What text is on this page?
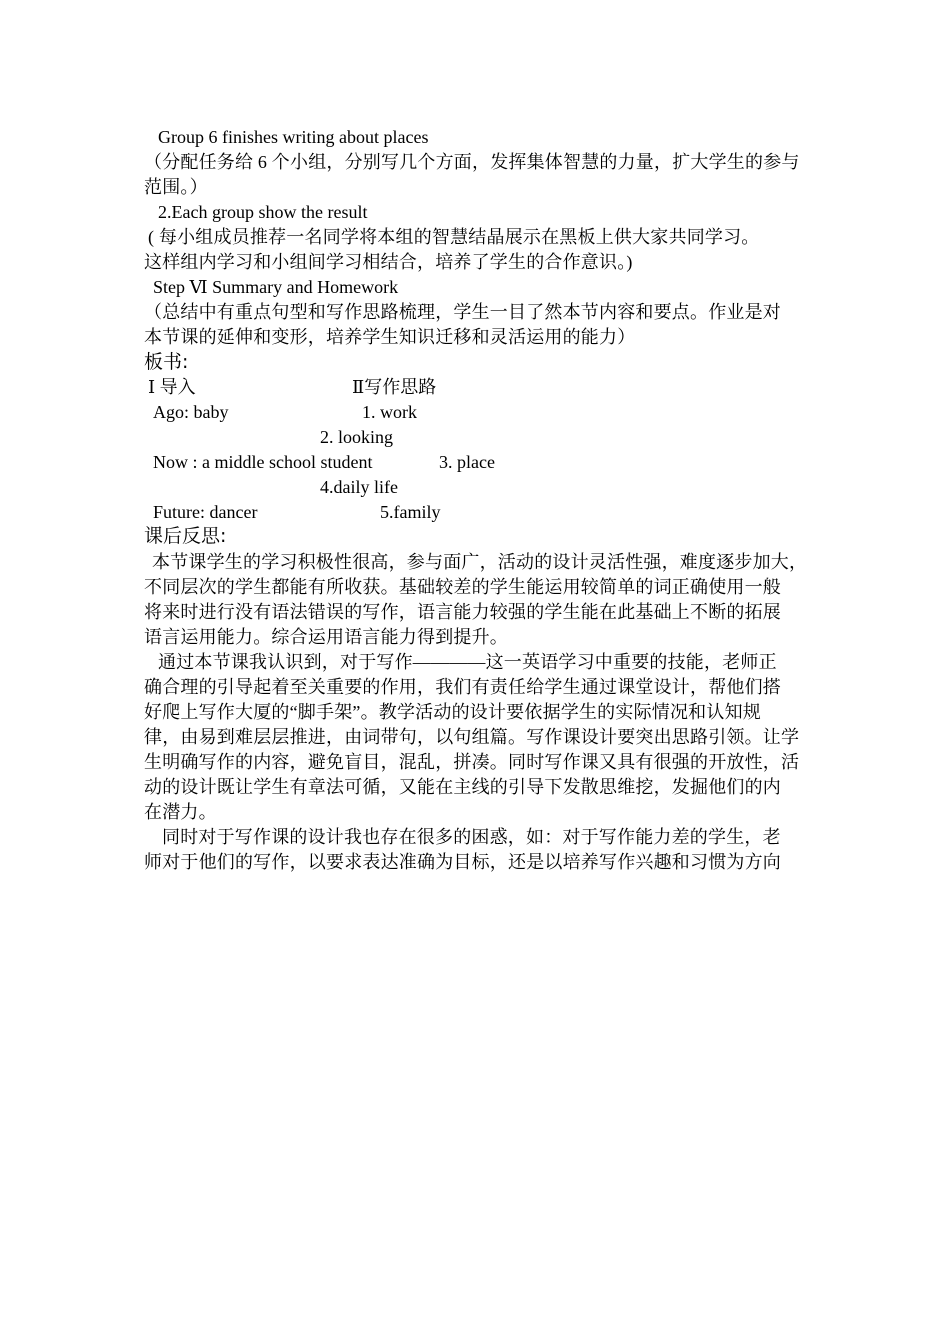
Group 6 finishes writing about places
（分配任务给 6 个小组，分别写几个方面，发挥集体智慧的力量，扩大学生的参与
范围。）
2.Each group show the result
( 每小组成员推荐一名同学将本组的智慧结晶展示在黑板上供大家共同学习。
这样组内学习和小组间学习相结合，培养了学生的合作意识。)
Step Ⅵ Summary and Homework
（总结中有重点句型和写作思路梳理，学生一目了然本节内容和要点。作业是对
本节课的延伸和变形，培养学生知识迁移和灵活运用的能力）
板书:
Ⅰ 导入	Ⅱ写作思路
Ago: baby	1. work
2. looking
Now : a middle school student	3. place
4.daily life
Future: dancer	5.family
课后反思:
本节课学生的学习积极性很高，参与面广，活动的设计灵活性强，难度逐步加大，
不同层次的学生都能有所收获。基础较差的学生能运用较简单的词正确使用一般
将来时进行没有语法错误的写作，语言能力较强的学生能在此基础上不断的拓展
语言运用能力。综合运用语言能力得到提升。
通过本节课我认识到，对于写作————这一英语学习中重要的技能，老师正
确合理的引导起着至关重要的作用，我们有责任给学生通过课堂设计，帮他们搭
好爬上写作大厦的“脚手架”。教学活动的设计要依据学生的实际情况和认知规
律，由易到难层层推进，由词带句，以句组篇。写作课设计要突出思路引领。让学
生明确写作的内容，避免盲目，混乱，拼凑。同时写作课又具有很强的开放性，活
动的设计既让学生有章法可循，又能在主线的引导下发散思维挖，发掘他们的内
在潜力。
同时对于写作课的设计我也存在很多的困惑，如：对于写作能力差的学生，老
师对于他们的写作，以要求表达准确为目标，还是以培养写作兴趣和习惯为方向
